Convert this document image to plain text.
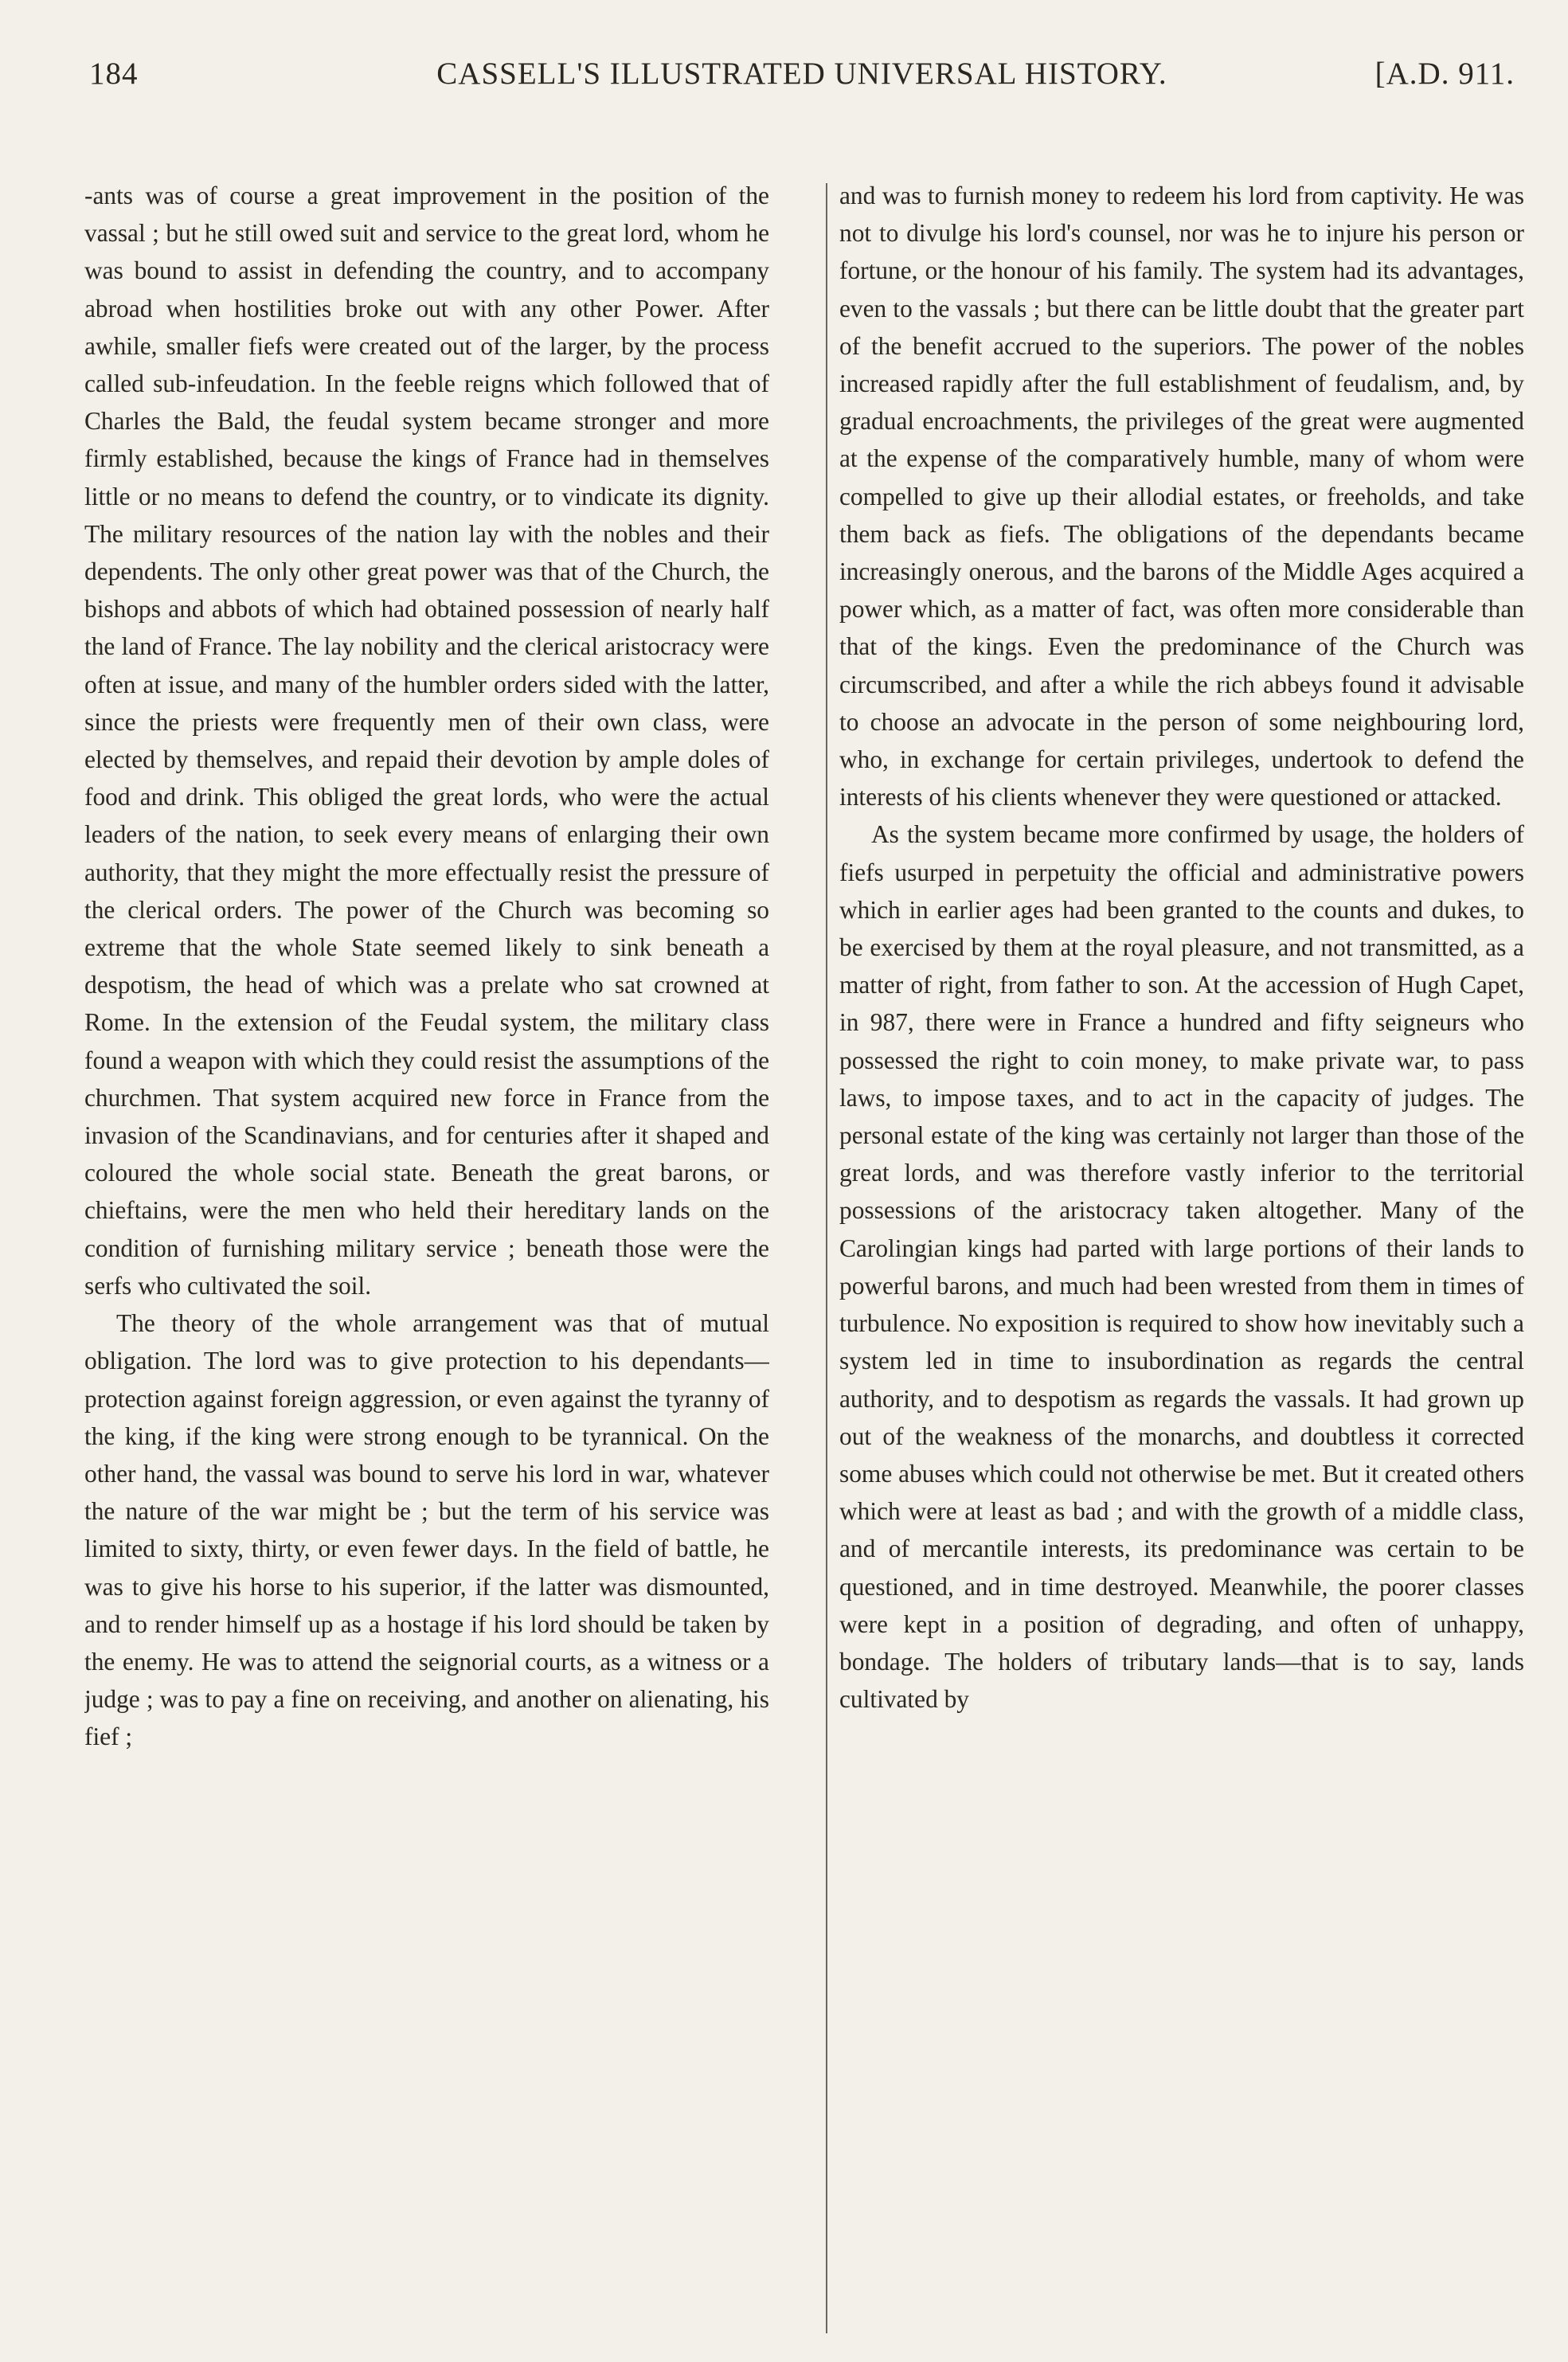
184	CASSELL'S ILLUSTRATED UNIVERSAL HISTORY.	[A.D. 911.

-ants was of course a great improvement in the position of the vassal ; but he still owed suit and service to the great lord, whom he was bound to assist in defending the country, and to accompany abroad when hostilities broke out with any other Power. After awhile, smaller fiefs were created out of the larger, by the process called sub-infeudation. In the feeble reigns which followed that of Charles the Bald, the feudal system became stronger and more firmly established, because the kings of France had in themselves little or no means to defend the country, or to vindicate its dignity. The military resources of the nation lay with the nobles and their dependents. The only other great power was that of the Church, the bishops and abbots of which had obtained possession of nearly half the land of France. The lay nobility and the clerical aristocracy were often at issue, and many of the humbler orders sided with the latter, since the priests were frequently men of their own class, were elected by themselves, and repaid their devotion by ample doles of food and drink. This obliged the great lords, who were the actual leaders of the nation, to seek every means of enlarging their own authority, that they might the more effectually resist the pressure of the clerical orders. The power of the Church was becoming so extreme that the whole State seemed likely to sink beneath a despotism, the head of which was a prelate who sat crowned at Rome. In the extension of the Feudal system, the military class found a weapon with which they could resist the assumptions of the churchmen. That system acquired new force in France from the invasion of the Scandinavians, and for centuries after it shaped and coloured the whole social state. Beneath the great barons, or chieftains, were the men who held their hereditary lands on the condition of furnishing military service ; beneath those were the serfs who cultivated the soil.

The theory of the whole arrangement was that of mutual obligation. The lord was to give protection to his dependants—protection against foreign aggression, or even against the tyranny of the king, if the king were strong enough to be tyrannical. On the other hand, the vassal was bound to serve his lord in war, whatever the nature of the war might be ; but the term of his service was limited to sixty, thirty, or even fewer days. In the field of battle, he was to give his horse to his superior, if the latter was dismounted, and to render himself up as a hostage if his lord should be taken by the enemy. He was to attend the seignorial courts, as a witness or a judge ; was to pay a fine on receiving, and another on alienating, his fief ;

and was to furnish money to redeem his lord from captivity. He was not to divulge his lord's counsel, nor was he to injure his person or fortune, or the honour of his family. The system had its advantages, even to the vassals ; but there can be little doubt that the greater part of the benefit accrued to the superiors. The power of the nobles increased rapidly after the full establishment of feudalism, and, by gradual encroachments, the privileges of the great were augmented at the expense of the comparatively humble, many of whom were compelled to give up their allodial estates, or freeholds, and take them back as fiefs. The obligations of the dependants became increasingly onerous, and the barons of the Middle Ages acquired a power which, as a matter of fact, was often more considerable than that of the kings. Even the predominance of the Church was circumscribed, and after a while the rich abbeys found it advisable to choose an advocate in the person of some neighbouring lord, who, in exchange for certain privileges, undertook to defend the interests of his clients whenever they were questioned or attacked.

As the system became more confirmed by usage, the holders of fiefs usurped in perpetuity the official and administrative powers which in earlier ages had been granted to the counts and dukes, to be exercised by them at the royal pleasure, and not transmitted, as a matter of right, from father to son. At the accession of Hugh Capet, in 987, there were in France a hundred and fifty seigneurs who possessed the right to coin money, to make private war, to pass laws, to impose taxes, and to act in the capacity of judges. The personal estate of the king was certainly not larger than those of the great lords, and was therefore vastly inferior to the territorial possessions of the aristocracy taken altogether. Many of the Carolingian kings had parted with large portions of their lands to powerful barons, and much had been wrested from them in times of turbulence. No exposition is required to show how inevitably such a system led in time to insubordination as regards the central authority, and to despotism as regards the vassals. It had grown up out of the weakness of the monarchs, and doubtless it corrected some abuses which could not otherwise be met. But it created others which were at least as bad ; and with the growth of a middle class, and of mercantile interests, its predominance was certain to be questioned, and in time destroyed. Meanwhile, the poorer classes were kept in a position of degrading, and often of unhappy, bondage. The holders of tributary lands—that is to say, lands cultivated by
